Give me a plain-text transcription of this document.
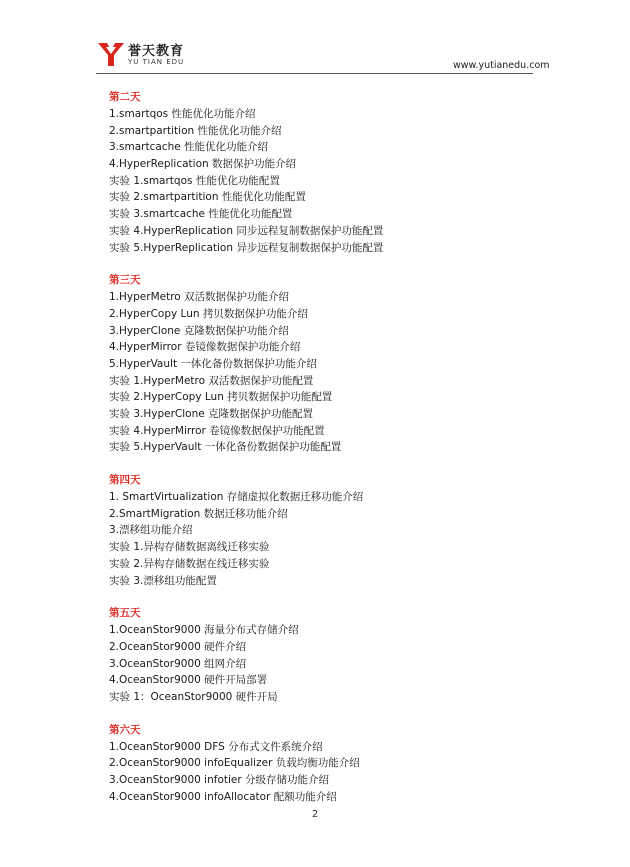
誉天教育
YU TIAN EDU	www.yutianedu.com
第二天
1.smartqos 性能优化功能介绍
2.smartpartition 性能优化功能介绍
3.smartcache 性能优化功能介绍
4.HyperReplication 数据保护功能介绍
实验 1.smartqos 性能优化功能配置
实验 2.smartpartition 性能优化功能配置
实验 3.smartcache 性能优化功能配置
实验 4.HyperReplication 同步远程复制数据保护功能配置
实验 5.HyperReplication 异步远程复制数据保护功能配置
第三天
1.HyperMetro 双活数据保护功能介绍
2.HyperCopy Lun 拷贝数据保护功能介绍
3.HyperClone 克隆数据保护功能介绍
4.HyperMirror 卷镜像数据保护功能介绍
5.HyperVault 一体化备份数据保护功能介绍
实验 1.HyperMetro 双活数据保护功能配置
实验 2.HyperCopy Lun 拷贝数据保护功能配置
实验 3.HyperClone 克隆数据保护功能配置
实验 4.HyperMirror 卷镜像数据保护功能配置
实验 5.HyperVault 一体化备份数据保护功能配置
第四天
1. SmartVirtualization 存储虚拟化数据迁移功能介绍
2.SmartMigration 数据迁移功能介绍
3.漂移组功能介绍
实验 1.异构存储数据离线迁移实验
实验 2.异构存储数据在线迁移实验
实验 3.漂移组功能配置
第五天
1.OceanStor9000 海量分布式存储介绍
2.OceanStor9000 硬件介绍
3.OceanStor9000 组网介绍
4.OceanStor9000 硬件开局部署
实验 1：OceanStor9000 硬件开局
第六天
1.OceanStor9000 DFS 分布式文件系统介绍
2.OceanStor9000 infoEqualizer 负载均衡功能介绍
3.OceanStor9000 infotier 分级存储功能介绍
4.OceanStor9000 infoAllocator 配额功能介绍
2
